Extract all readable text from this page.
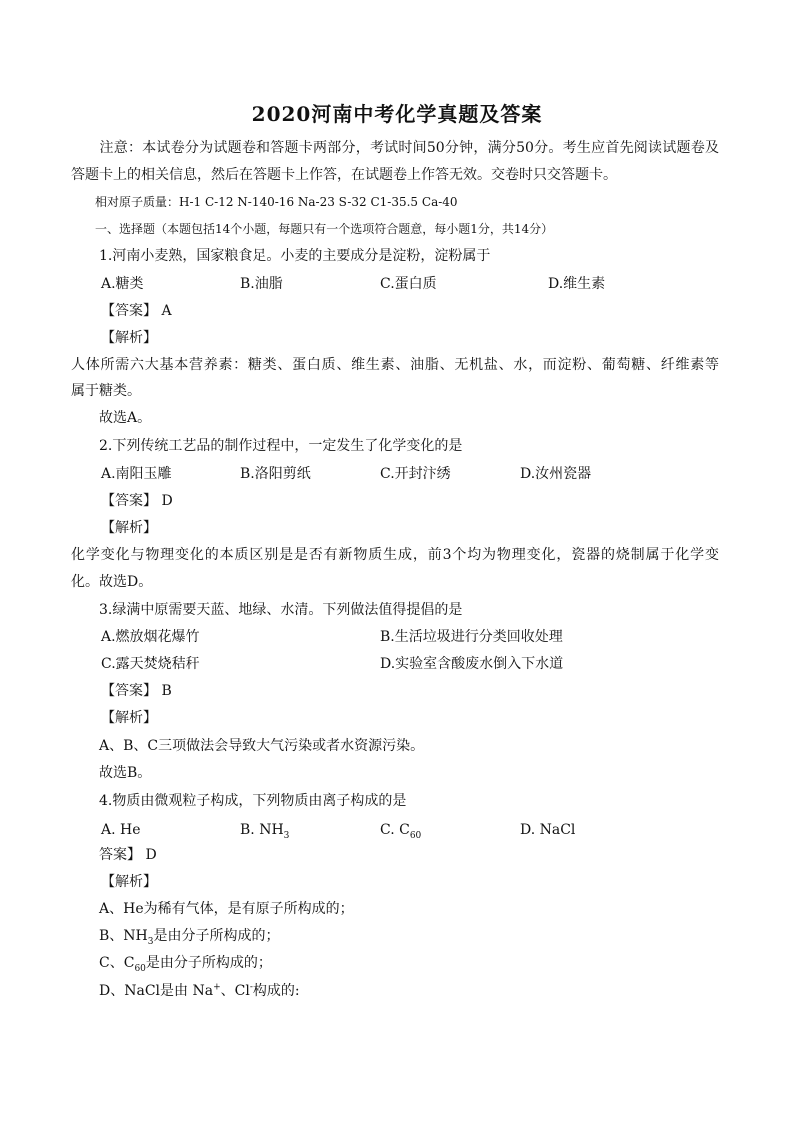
2020河南中考化学真题及答案
　　注意：本试卷分为试题卷和答题卡两部分，考试时间50分钟，满分50分。考生应首先阅读试题卷及
答题卡上的相关信息，然后在答题卡上作答，在试题卷上作答无效。交卷时只交答题卡。
　　相对原子质量：H-1 C-12 N-140-16 Na-23 S-32 C1-35.5 Ca-40
　　一、选择题（本题包括14个小题，每题只有一个选项符合题意，每小题1分，共14分）
　　1.河南小麦熟，国家粮食足。小麦的主要成分是淀粉，淀粉属于
A.糖类	B.油脂	C.蛋白质	D.维生素
【答案】 A
【解析】
人体所需六大基本营养素：糖类、蛋白质、维生素、油脂、无机盐、水，而淀粉、葡萄糖、纤维素等
属于糖类。
　　故选A。
　　2.下列传统工艺品的制作过程中，一定发生了化学变化的是
A.南阳玉雕	B.洛阳剪纸	C.开封汴绣	D.汝州瓷器
【答案】 D
【解析】
化学变化与物理变化的本质区别是是否有新物质生成，前3个均为物理变化，瓷器的烧制属于化学变
化。故选D。
　　3.绿满中原需要天蓝、地绿、水清。下列做法值得提倡的是
A.燃放烟花爆竹	B.生活垃圾进行分类回收处理
C.露天焚烧秸秆	D.实验室含酸废水倒入下水道
【答案】 B
【解析】
　　A、B、C三项做法会导致大气污染或者水资源污染。
　　故选B。
　　4.物质由微观粒子构成，下列物质由离子构成的是
A. He	B. $NH_3$	C. $C_{60}$	D. NaCl
　　答案】 D
【解析】
　　A、He为稀有气体，是有原子所构成的；
　　B、$NH_3$是由分子所构成的；
　　C、$C_{60}$是由分子所构成的；
　　D、NaCl是由 Na+、Cl-构成的:
